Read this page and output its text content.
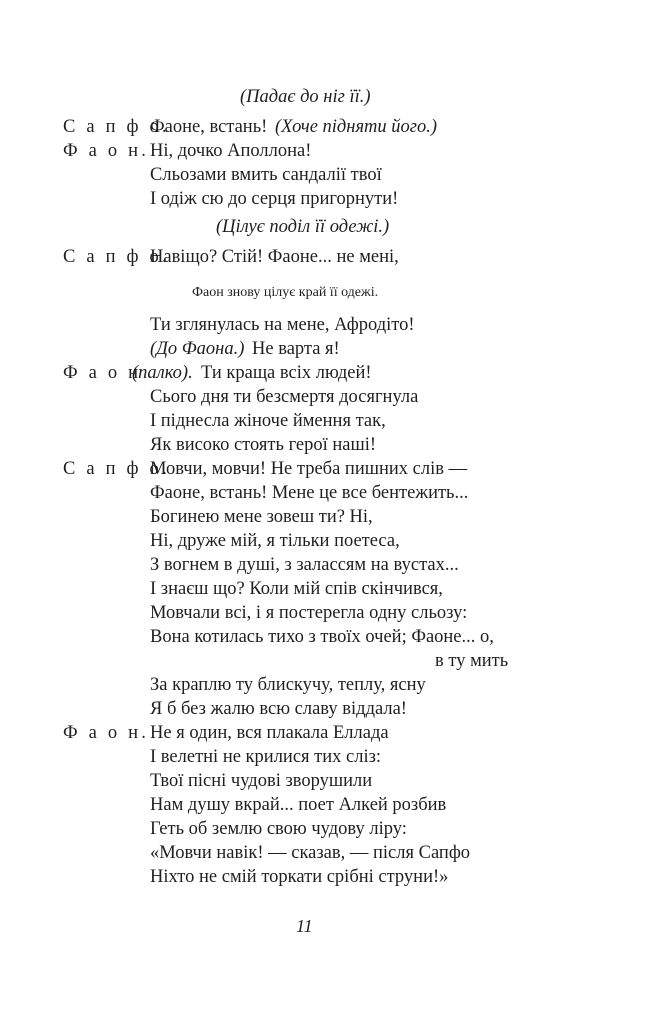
(Падає до ніг її.)
С а п ф о.
Фаоне, встань! (Хоче підняти його.)
Ф а о н. Ні, дочко Аполлона!
Сльозами вмить сандалії твої
І одіж сю до серця пригорнути!
(Цілує поділ її одежі.)
С а п ф о.
Навіщо? Стій! Фаоне... не мені,
Фаон знову цілує край її одежі.
Ти зглянулась на мене, Афродіто!
(До Фаона.) Не варта я!
Ф а о н
(палко). Ти краща всіх людей!
Сього дня ти безсмертя досягнула
І піднесла жіноче ймення так,
Як високо стоять герої наші!
С а п ф о.
Мовчи, мовчи! Не треба пишних слів —
Фаоне, встань! Мене це все бентежить...
Богинею мене зовеш ти? Ні,
Ні, друже мій, я тільки поетеса,
З вогнем в душі, з залассям на вустах...
І знаєш що? Коли мій спів скінчився,
Мовчали всі, і я постерегла одну сльозу:
Вона котилась тихо з твоїх очей; Фаоне... о,
в ту мить
За краплю ту блискучу, теплу, ясну
Я б без жалю всю славу віддала!
Ф а о н. Не я один, вся плакала Еллада
І велетні не крилися тих сліз:
Твої пісні чудові зворушили
Нам душу вкрай... поет Алкей розбив
Геть об землю свою чудову ліру:
«Мовчи навік! — сказав, — після Сапфо
Ніхто не смій торкати срібні струни!»
11
